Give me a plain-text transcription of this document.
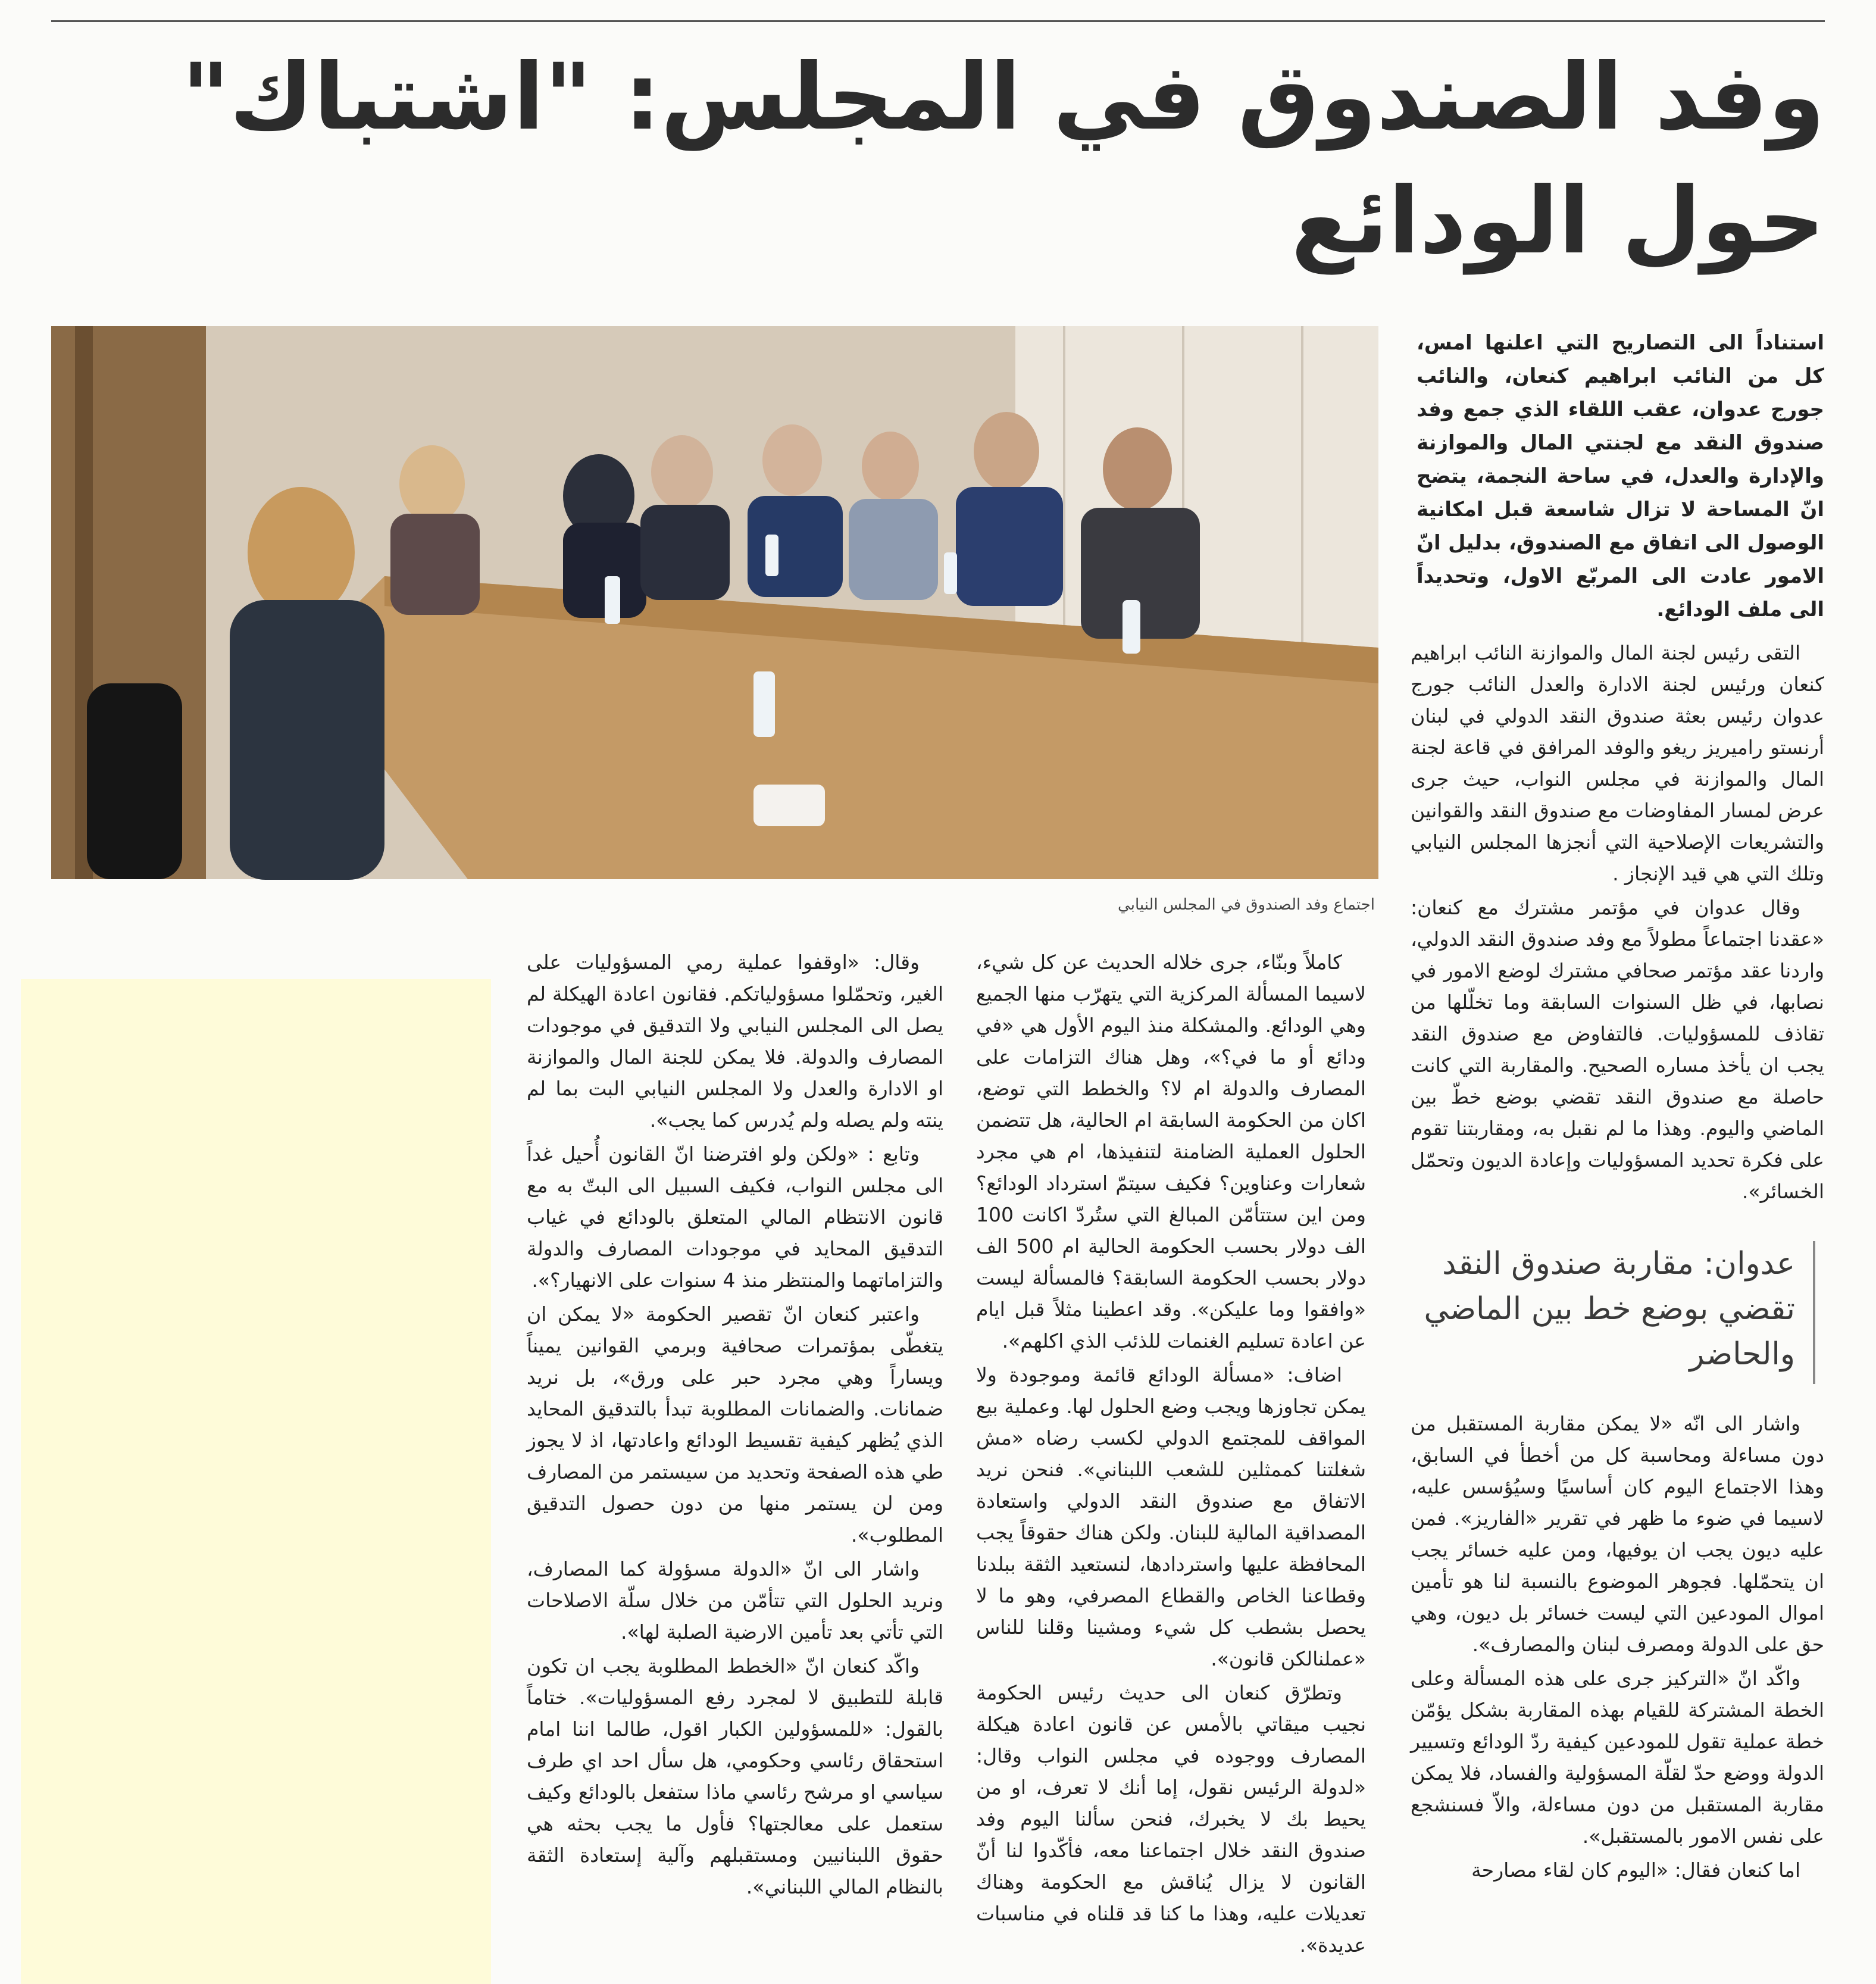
وفد الصندوق في المجلس: "اشتباك" حول الودائع

اجتماع وفد الصندوق في المجلس النيابي

استناداً الى التصاريح التي اعلنها امس، كل من النائب ابراهيم كنعان، والنائب جورج عدوان، عقب اللقاء الذي جمع وفد صندوق النقد مع لجنتي المال والموازنة والإدارة والعدل، في ساحة النجمة، يتضح انّ المساحة لا تزال شاسعة قبل امكانية الوصول الى اتفاق مع الصندوق، بدليل انّ الامور عادت الى المربّع الاول، وتحديداً الى ملف الودائع.

التقى رئيس لجنة المال والموازنة النائب ابراهيم كنعان ورئيس لجنة الادارة والعدل النائب جورج عدوان رئيس بعثة صندوق النقد الدولي في لبنان أرنستو راميريز ريغو والوفد المرافق في قاعة لجنة المال والموازنة في مجلس النواب، حيث جرى عرض لمسار المفاوضات مع صندوق النقد والقوانين والتشريعات الإصلاحية التي أنجزها المجلس النيابي وتلك التي هي قيد الإنجاز .

وقال عدوان في مؤتمر مشترك مع كنعان: «عقدنا اجتماعاً مطولاً مع وفد صندوق النقد الدولي، واردنا عقد مؤتمر صحافي مشترك لوضع الامور في نصابها، في ظل السنوات السابقة وما تخلّلها من تقاذف للمسؤوليات. فالتفاوض مع صندوق النقد يجب ان يأخذ مساره الصحيح. والمقاربة التي كانت حاصلة مع صندوق النقد تقضي بوضع خطّ بين الماضي واليوم. وهذا ما لم نقبل به، ومقاربتنا تقوم على فكرة تحديد المسؤوليات وإعادة الديون وتحمّل الخسائر».

عدوان: مقاربة صندوق النقد تقضي بوضع خط بين الماضي والحاضر

واشار الى انّه «لا يمكن مقاربة المستقبل من دون مساءلة ومحاسبة كل من أخطأ في السابق، وهذا الاجتماع اليوم كان أساسيًا وسيُؤسس عليه، لاسيما في ضوء ما ظهر في تقرير «الفاريز». فمن عليه ديون يجب ان يوفيها، ومن عليه خسائر يجب ان يتحمّلها. فجوهر الموضوع بالنسبة لنا هو تأمين اموال المودعين التي ليست خسائر بل ديون، وهي حق على الدولة ومصرف لبنان والمصارف».

واكّد انّ «التركيز جرى على هذه المسألة وعلى الخطة المشتركة للقيام بهذه المقاربة بشكل يؤمّن خطة عملية تقول للمودعين كيفية ردّ الودائع وتسيير الدولة ووضع حدّ لقلّة المسؤولية والفساد، فلا يمكن مقاربة المستقبل من دون مساءلة، والاّ فسنشجع على نفس الامور بالمستقبل».

اما كنعان فقال: «اليوم كان لقاء مصارحة

كاملاً وبنّاء، جرى خلاله الحديث عن كل شيء، لاسيما المسألة المركزية التي يتهرّب منها الجميع وهي الودائع. والمشكلة منذ اليوم الأول هي «في ودائع أو ما في؟»، وهل هناك التزامات على المصارف والدولة ام لا؟ والخطط التي توضع، اكان من الحكومة السابقة ام الحالية، هل تتضمن الحلول العملية الضامنة لتنفيذها، ام هي مجرد شعارات وعناوين؟ فكيف سيتمّ استرداد الودائع؟ ومن اين ستتأمّن المبالغ التي ستُردّ اكانت 100 الف دولار بحسب الحكومة الحالية ام 500 الف دولار بحسب الحكومة السابقة؟ فالمسألة ليست «وافقوا وما عليكن». وقد اعطينا مثلاً قبل ايام عن اعادة تسليم الغنمات للذئب الذي اكلهم».

اضاف: «مسألة الودائع قائمة وموجودة ولا يمكن تجاوزها ويجب وضع الحلول لها. وعملية بيع المواقف للمجتمع الدولي لكسب رضاه «مش شغلتنا كممثلين للشعب اللبناني». فنحن نريد الاتفاق مع صندوق النقد الدولي واستعادة المصداقية المالية للبنان. ولكن هناك حقوقاً يجب المحافظة عليها واستردادها، لنستعيد الثقة ببلدنا وقطاعنا الخاص والقطاع المصرفي، وهو ما لا يحصل بشطب كل شيء ومشينا وقلنا للناس «عملنالكن قانون».

وتطرّق كنعان الى حديث رئيس الحكومة نجيب ميقاتي بالأمس عن قانون اعادة هيكلة المصارف ووجوده في مجلس النواب وقال: «لدولة الرئيس نقول، إما أنك لا تعرف، او من يحيط بك لا يخبرك، فنحن سألنا اليوم وفد صندوق النقد خلال اجتماعنا معه، فأكّدوا لنا أنّ القانون لا يزال يُناقش مع الحكومة وهناك تعديلات عليه، وهذا ما كنا قد قلناه في مناسبات عديدة».

وقال: «اوقفوا عملية رمي المسؤوليات على الغير، وتحمّلوا مسؤولياتكم. فقانون اعادة الهيكلة لم يصل الى المجلس النيابي ولا التدقيق في موجودات المصارف والدولة. فلا يمكن للجنة المال والموازنة او الادارة والعدل ولا المجلس النيابي البت بما لم ينته ولم يصله ولم يُدرس كما يجب».

وتابع : «ولكن ولو افترضنا انّ القانون أُحيل غداً الى مجلس النواب، فكيف السبيل الى البتّ به مع قانون الانتظام المالي المتعلق بالودائع في غياب التدقيق المحايد في موجودات المصارف والدولة والتزاماتهما والمنتظر منذ 4 سنوات على الانهيار؟».

واعتبر كنعان انّ تقصير الحكومة «لا يمكن ان يتغطّى بمؤتمرات صحافية وبرمي القوانين يميناً ويساراً وهي مجرد حبر على ورق»، بل نريد ضمانات. والضمانات المطلوبة تبدأ بالتدقيق المحايد الذي يُظهر كيفية تقسيط الودائع واعادتها، اذ لا يجوز طي هذه الصفحة وتحديد من سيستمر من المصارف ومن لن يستمر منها من دون حصول التدقيق المطلوب».

واشار الى انّ «الدولة مسؤولة كما المصارف، ونريد الحلول التي تتأمّن من خلال سلّة الاصلاحات التي تأتي بعد تأمين الارضية الصلبة لها».

واكّد كنعان انّ «الخطط المطلوبة يجب ان تكون قابلة للتطبيق لا لمجرد رفع المسؤوليات». ختاماً بالقول: «للمسؤولين الكبار اقول، طالما اننا امام استحقاق رئاسي وحكومي، هل سأل احد اي طرف سياسي او مرشح رئاسي ماذا ستفعل بالودائع وكيف ستعمل على معالجتها؟ فأول ما يجب بحثه هي حقوق اللبنانيين ومستقبلهم وآلية إستعادة الثقة بالنظام المالي اللبناني».
